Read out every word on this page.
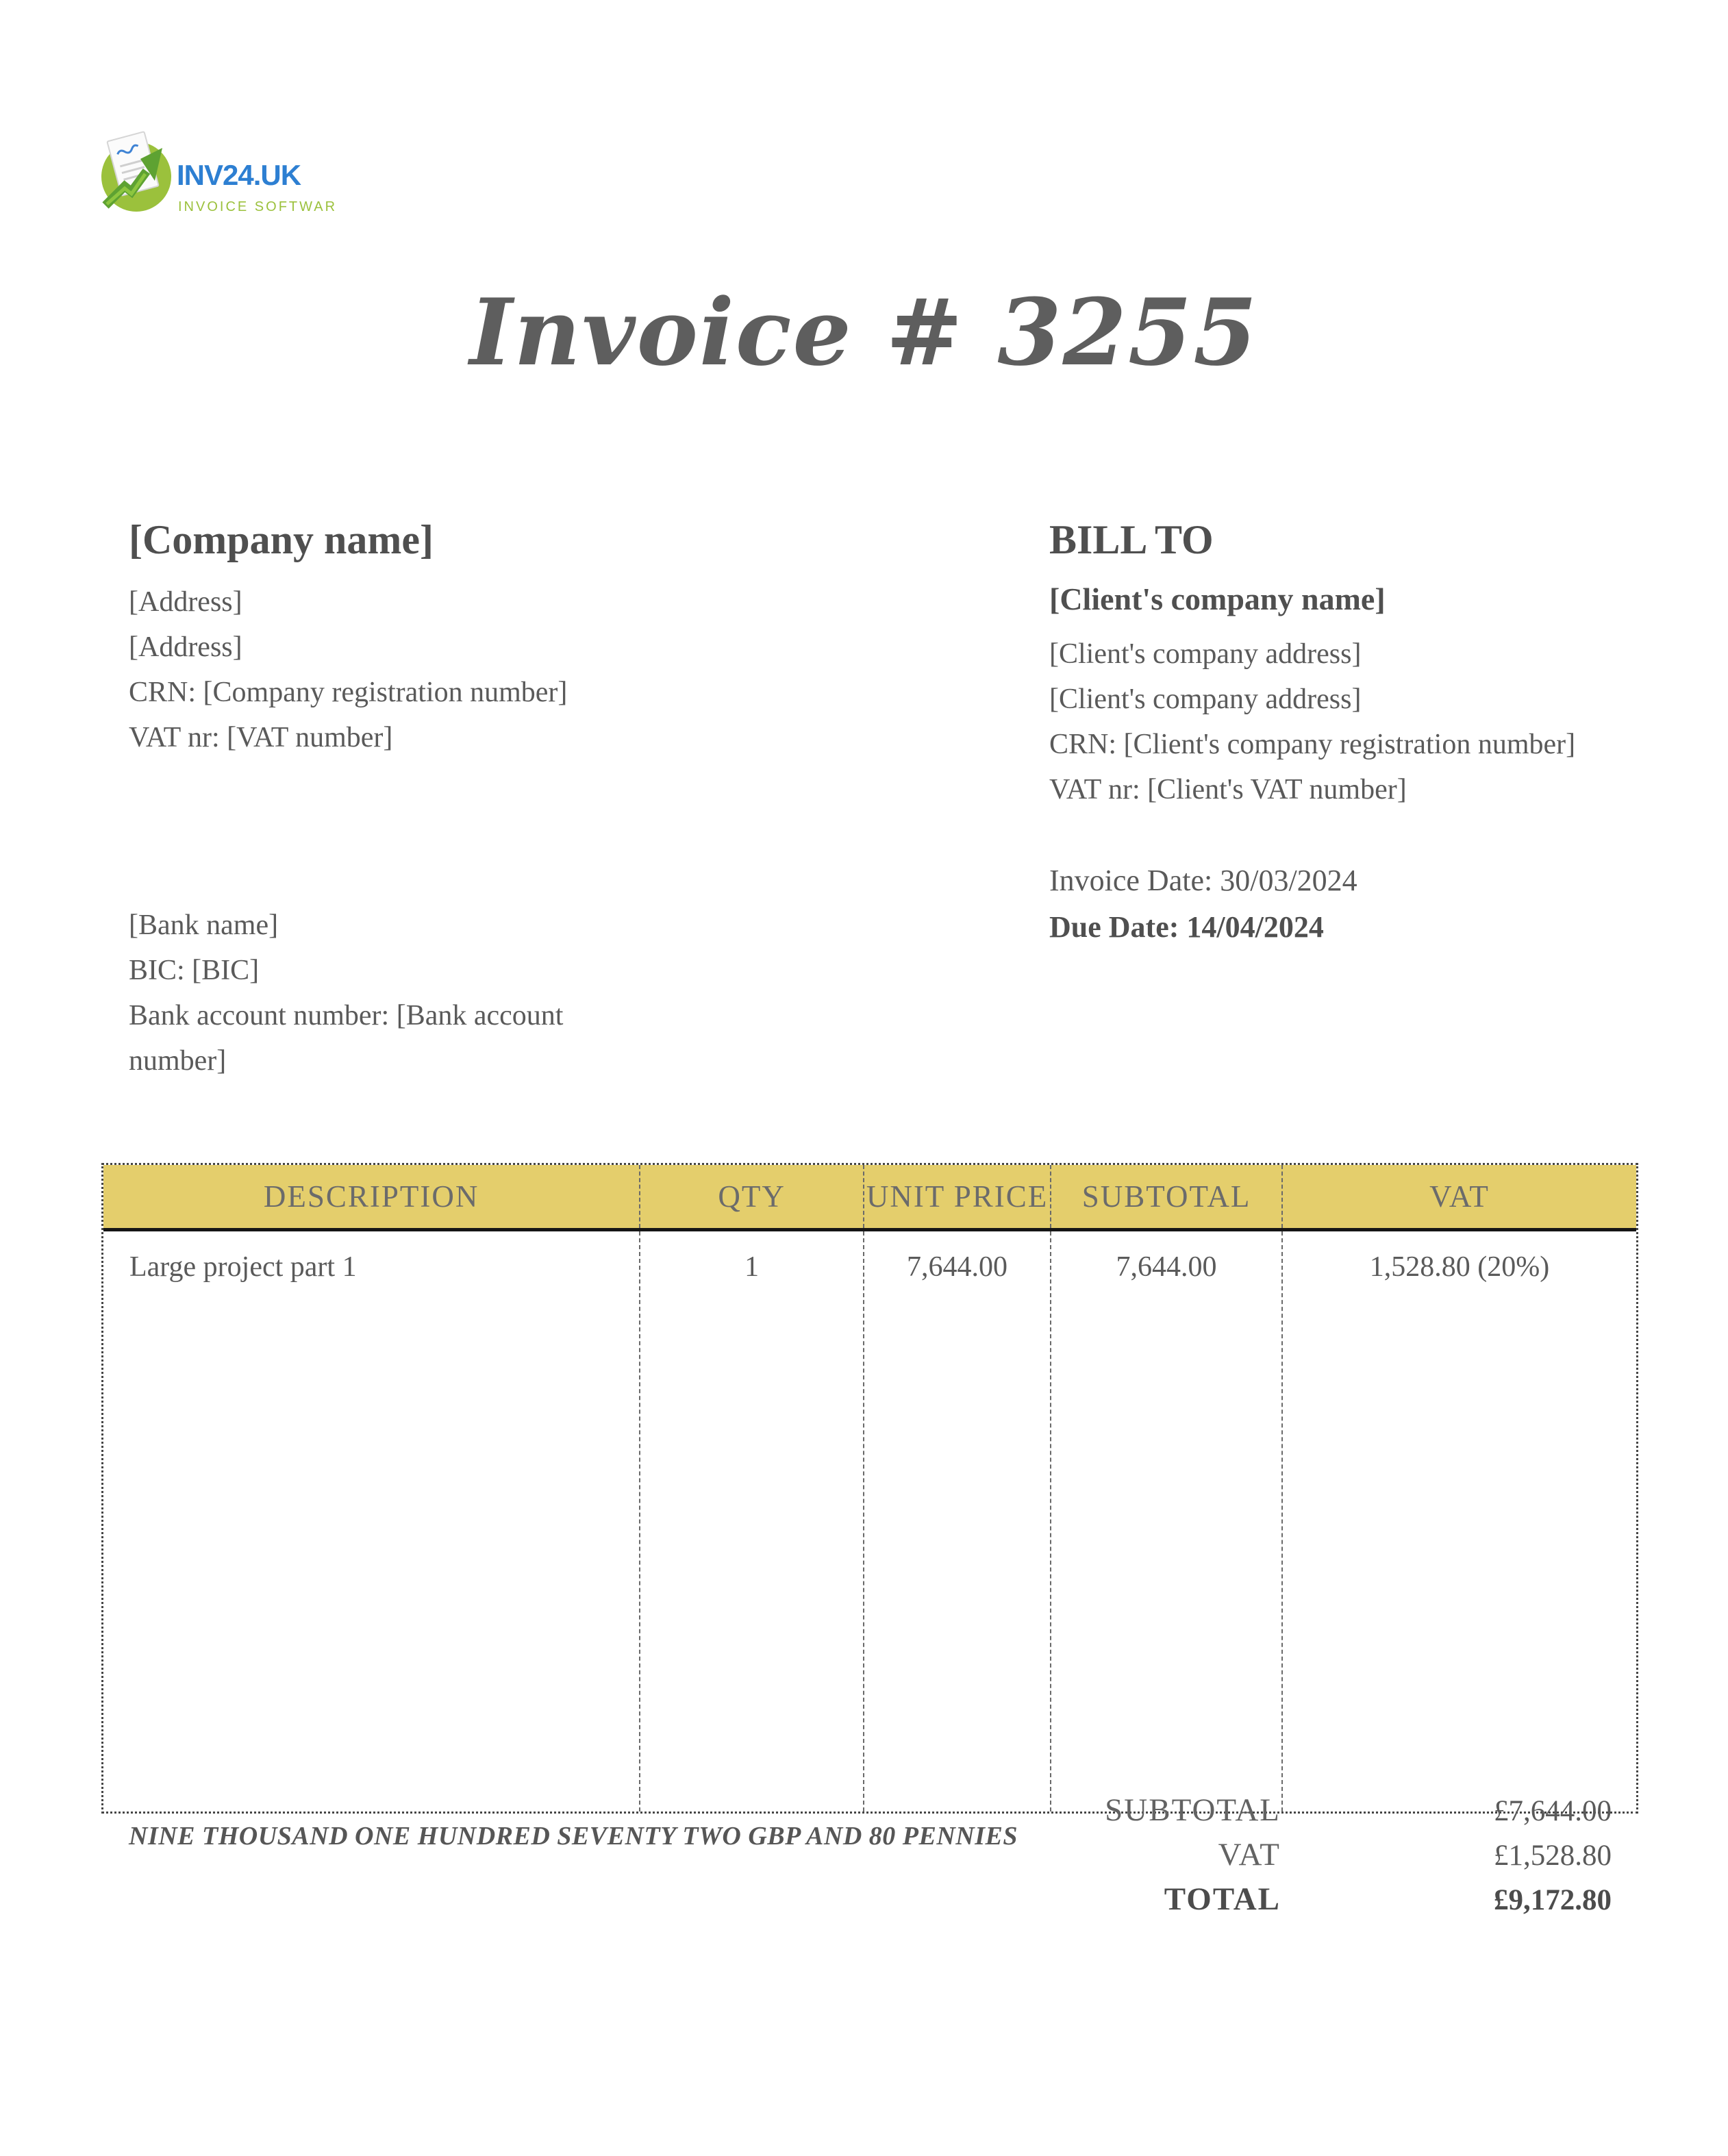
INV24.UK
INVOICE SOFTWARE
Invoice # 3255
[Company name]

[Address]

[Address]

CRN: [Company registration number]

VAT nr: [VAT number]

BILL TO

[Client's company name]

[Client's company address]

[Client's company address]

CRN: [Client's company registration number]

VAT nr: [Client's VAT number]

Invoice Date: 30/03/2024

Due Date: 14/04/2024

[Bank name]

BIC: [BIC]

Bank account number: [Bank account number]

DESCRIPTION	QTY	UNIT PRICE	SUBTOTAL	VAT
Large project part 1	1	7,644.00	7,644.00	1,528.80 (20%)
SUBTOTAL	£7,644.00
VAT	£1,528.80
TOTAL	£9,172.80

NINE THOUSAND ONE HUNDRED SEVENTY TWO GBP AND 80 PENNIES
